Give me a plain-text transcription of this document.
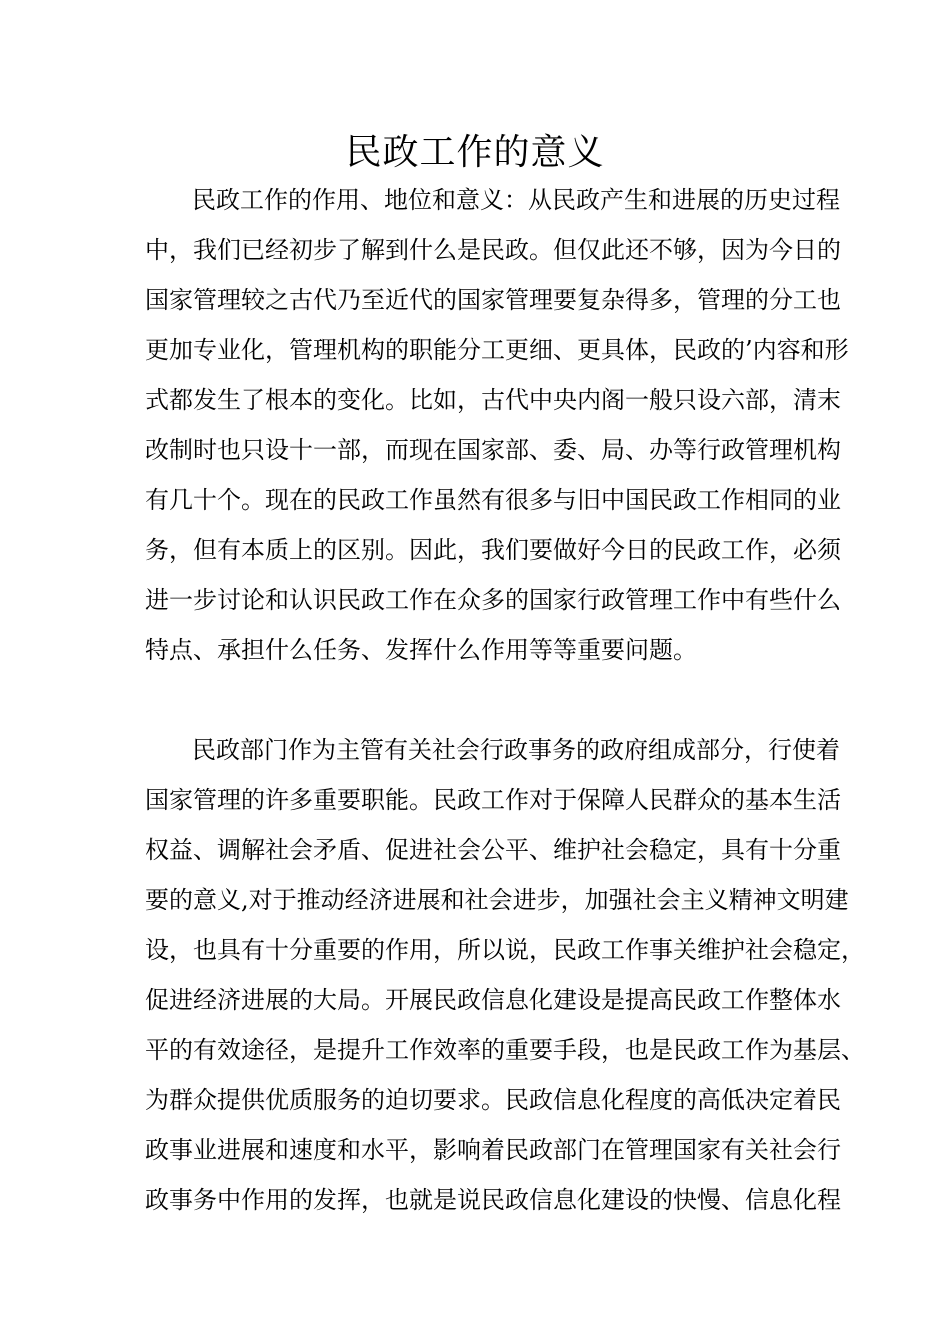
民政工作的意义
民政工作的作用、地位和意义：从民政产生和进展的历史过程
中，我们已经初步了解到什么是民政。但仅此还不够，因为今日的
国家管理较之古代乃至近代的国家管理要复杂得多，管理的分工也
更加专业化，管理机构的职能分工更细、更具体，民政的’内容和形
式都发生了根本的变化。比如，古代中央内阁一般只设六部，清末
改制时也只设十一部，而现在国家部、委、局、办等行政管理机构
有几十个。现在的民政工作虽然有很多与旧中国民政工作相同的业
务，但有本质上的区别。因此，我们要做好今日的民政工作，必须
进一步讨论和认识民政工作在众多的国家行政管理工作中有些什么
特点、承担什么任务、发挥什么作用等等重要问题。
民政部门作为主管有关社会行政事务的政府组成部分，行使着
国家管理的许多重要职能。民政工作对于保障人民群众的基本生活
权益、调解社会矛盾、促进社会公平、维护社会稳定，具有十分重
要的意义,对于推动经济进展和社会进步，加强社会主义精神文明建
设，也具有十分重要的作用，所以说，民政工作事关维护社会稳定，
促进经济进展的大局。开展民政信息化建设是提高民政工作整体水
平的有效途径，是提升工作效率的重要手段，也是民政工作为基层、
为群众提供优质服务的迫切要求。民政信息化程度的高低决定着民
政事业进展和速度和水平，影响着民政部门在管理国家有关社会行
政事务中作用的发挥，也就是说民政信息化建设的快慢、信息化程
